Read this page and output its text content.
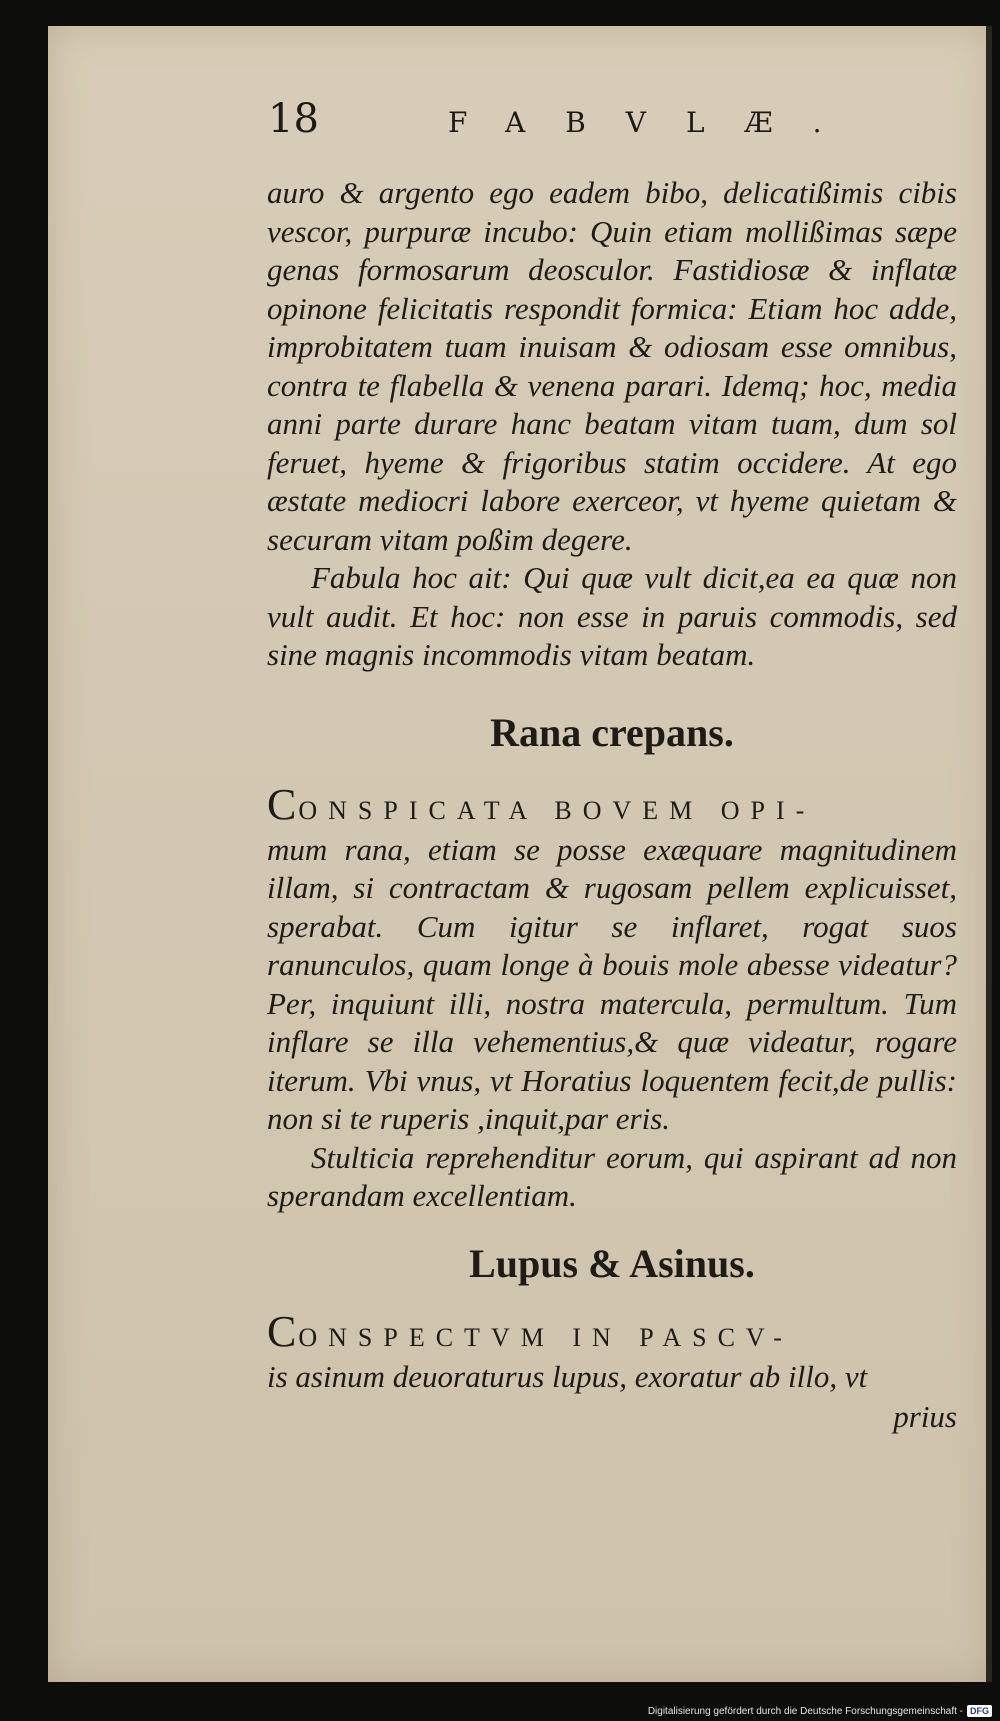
18	FABVLÆ.

auro & argento ego eadem bibo, delicatißimis cibis vescor, purpuræ incubo: Quin etiam mollißimas sæpe genas formosarum deosculor. Fastidiosæ & inflatæ opinone felicitatis respondit formica: Etiam hoc adde, improbitatem tuam inuisam & odiosam esse omnibus, contra te flabella & venena parari. Idemq; hoc, media anni parte durare hanc beatam vitam tuam, dum sol feruet, hyeme & frigoribus statim occidere. At ego æstate mediocri labore exerceor, vt hyeme quietam & securam vitam poßim degere.

Fabula hoc ait: Qui quæ vult dicit,ea ea quæ non vult audit. Et hoc: non esse in paruis commodis, sed sine magnis incommodis vitam beatam.

Rana crepans.

CONSPICATA BOVEM OPI-

mum rana, etiam se posse exæquare magnitudinem illam, si contractam & rugosam pellem explicuisset, sperabat. Cum igitur se inflaret, rogat suos ranunculos, quam longe à bouis mole abesse videatur? Per, inquiunt illi, nostra matercula, permultum. Tum inflare se illa vehementius,& quæ videatur, rogare iterum. Vbi vnus, vt Horatius loquentem fecit,de pullis: non si te ruperis ,inquit,par eris.

Stulticia reprehenditur eorum, qui aspirant ad non sperandam excellentiam.

Lupus & Asinus.

CONSPECTVM IN PASCV-

is asinum deuoraturus lupus, exoratur ab illo, vt

prius

Digitalisierung gefördert durch die Deutsche Forschungsgemeinschaft - DFG
